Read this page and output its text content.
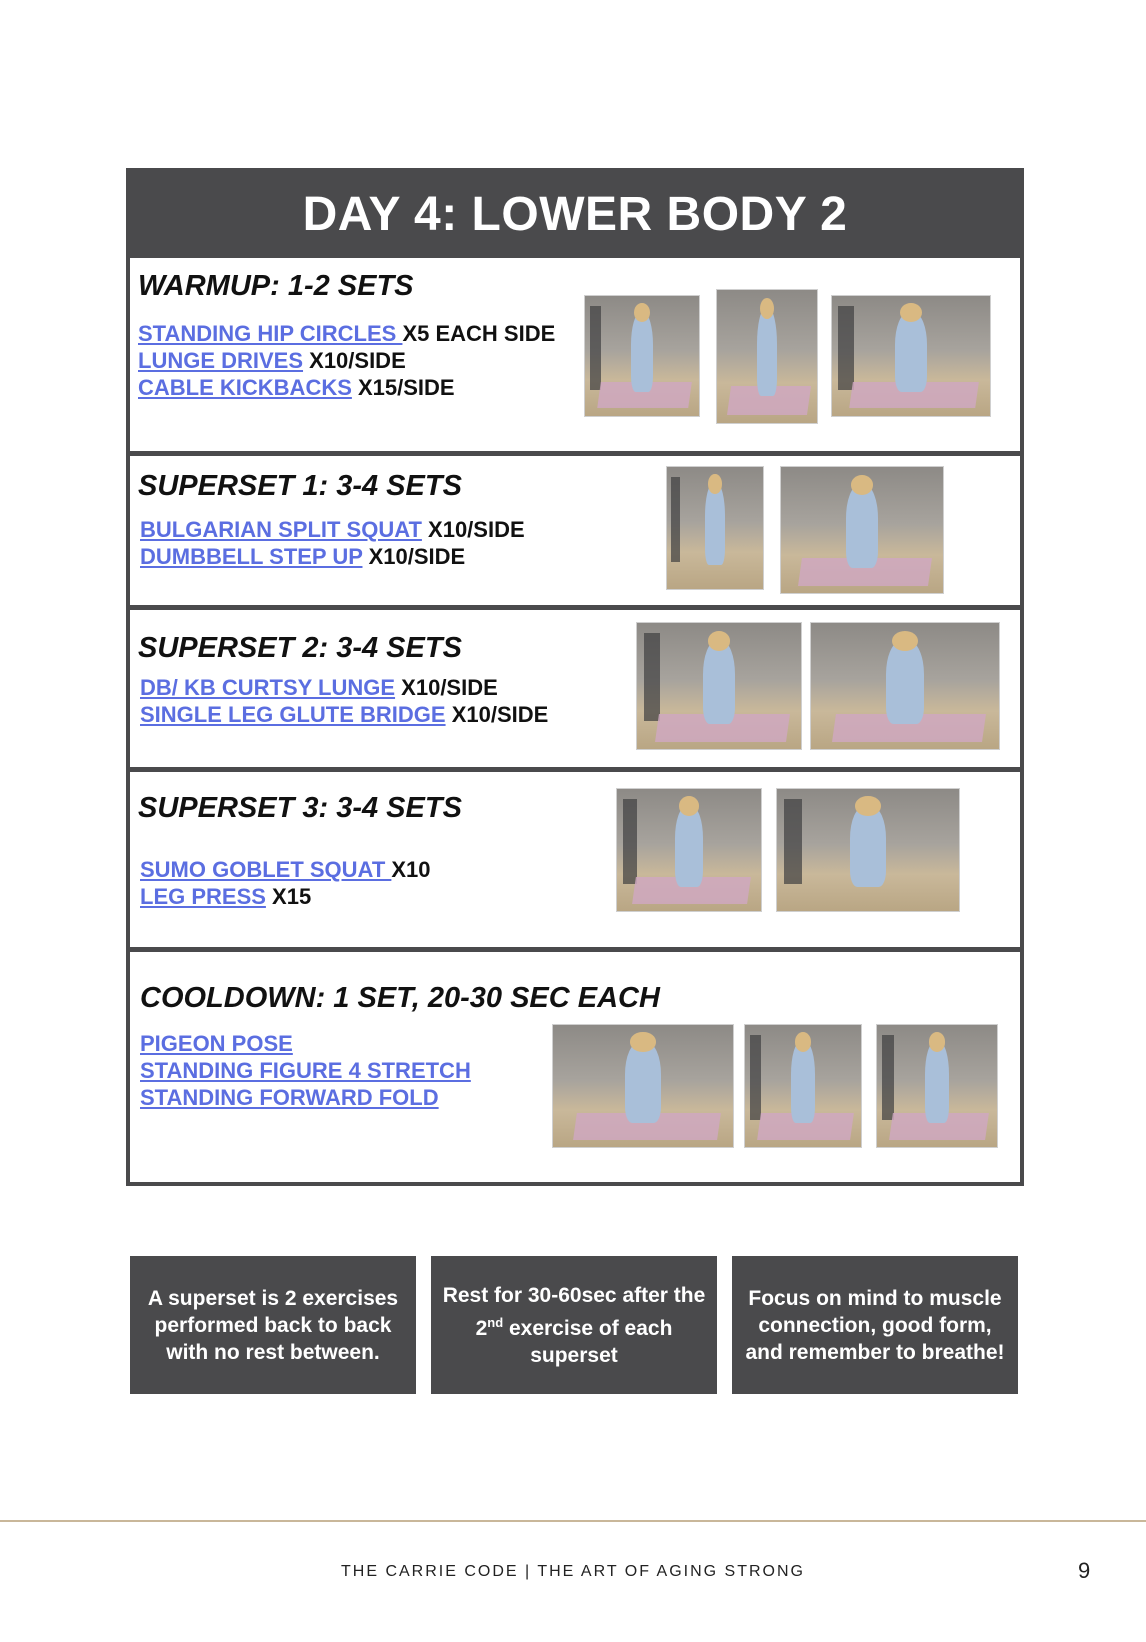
DAY 4: LOWER BODY 2
WARMUP: 1-2 SETS
STANDING HIP CIRCLES X5 EACH SIDE
LUNGE DRIVES X10/SIDE
CABLE KICKBACKS X15/SIDE
SUPERSET 1: 3-4 SETS
BULGARIAN SPLIT SQUAT X10/SIDE
DUMBBELL STEP UP X10/SIDE
SUPERSET 2: 3-4 SETS
DB/ KB CURTSY LUNGE X10/SIDE
SINGLE LEG GLUTE BRIDGE X10/SIDE
SUPERSET 3: 3-4 SETS
SUMO GOBLET SQUAT X10
LEG PRESS X15
COOLDOWN: 1 SET, 20-30 SEC EACH
PIGEON POSE
STANDING FIGURE 4 STRETCH
STANDING FORWARD FOLD
A superset is 2 exercises performed back to back with no rest between.
Rest for 30-60sec after the 2nd exercise of each superset
Focus on mind to muscle connection, good form, and remember to breathe!
THE CARRIE CODE | THE ART OF AGING STRONG	9
